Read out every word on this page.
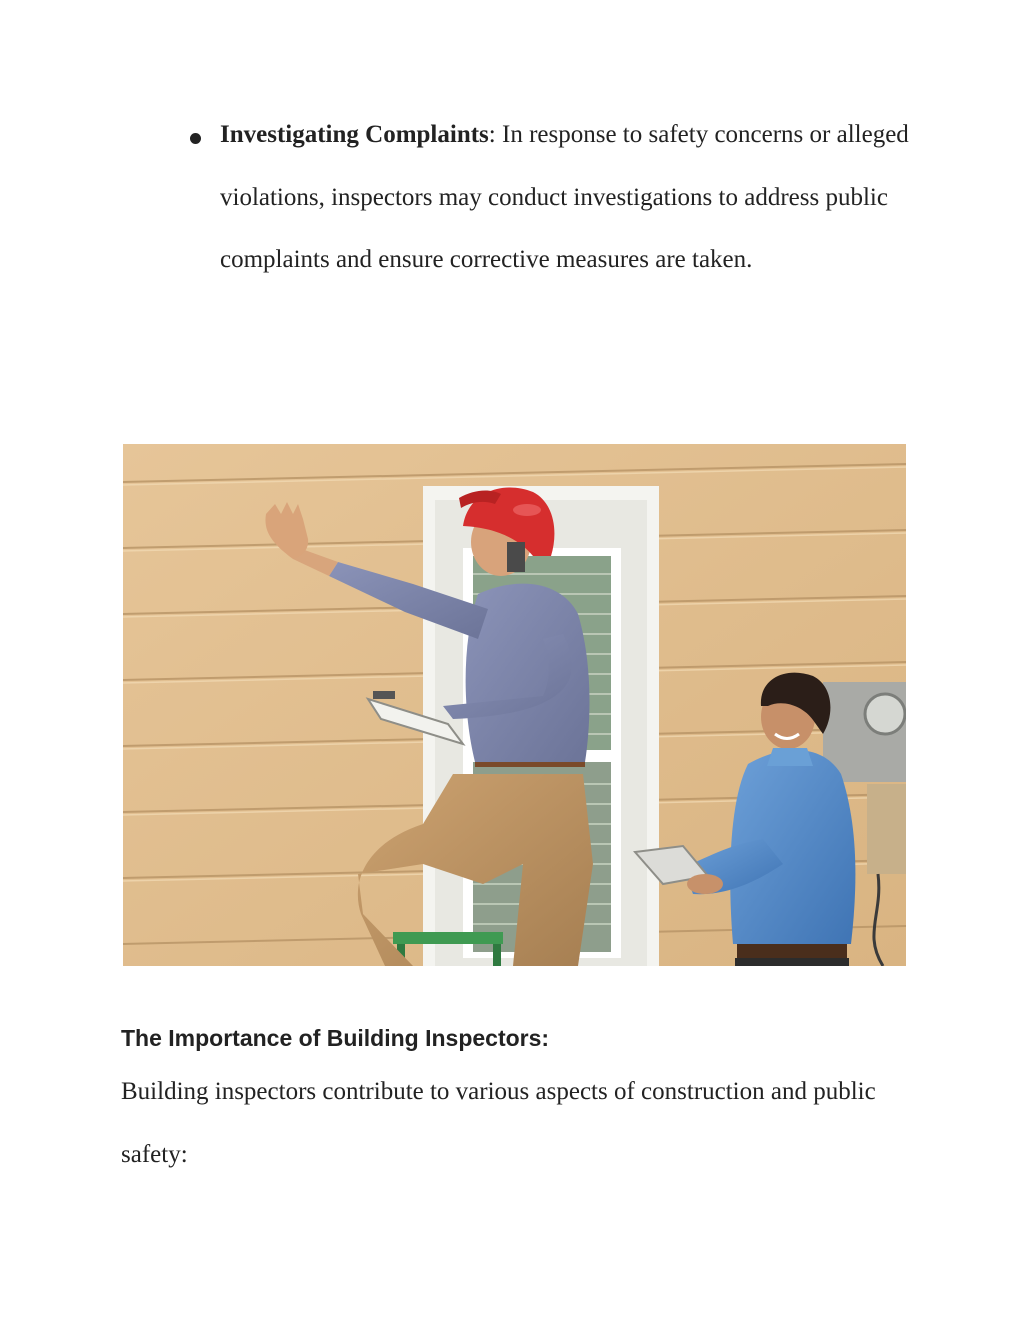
Investigating Complaints: In response to safety concerns or alleged violations, inspectors may conduct investigations to address public complaints and ensure corrective measures are taken.
The Importance of Building Inspectors:

Building inspectors contribute to various aspects of construction and public safety:
